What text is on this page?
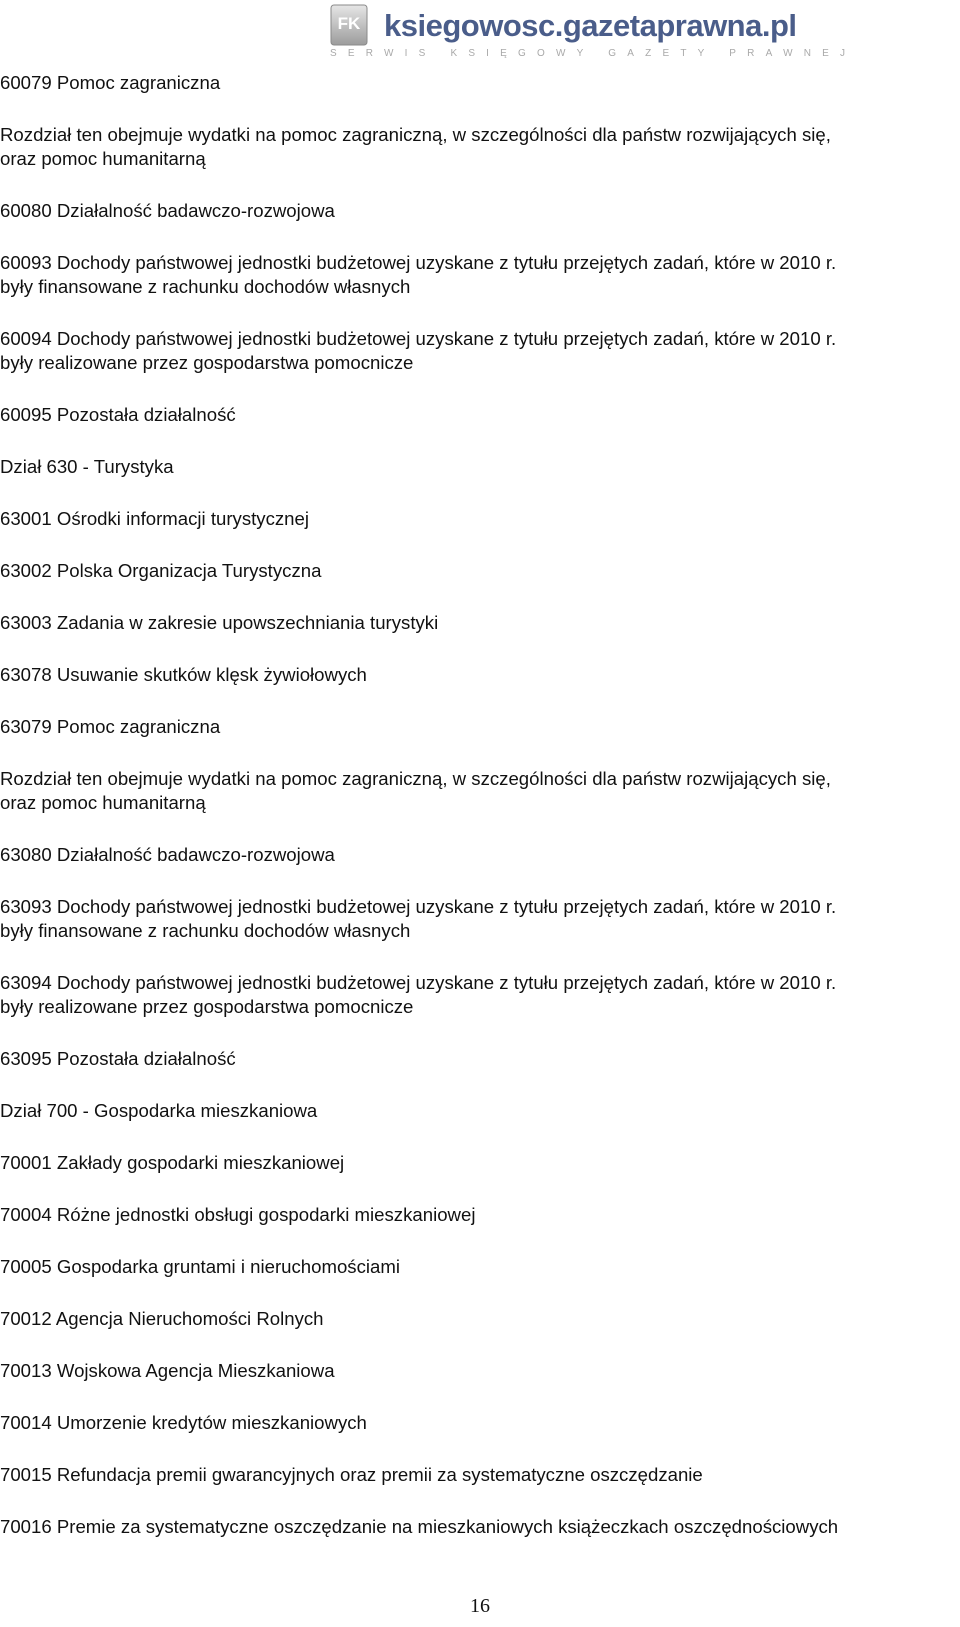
FK ksiegowosc.gazetaprawna.pl
SERWIS KSIĘGOWY GAZETY PRAWNEJ

60079 Pomoc zagraniczna

Rozdział ten obejmuje wydatki na pomoc zagraniczną, w szczególności dla państw rozwijających się,
oraz pomoc humanitarną

60080 Działalność badawczo-rozwojowa

60093 Dochody państwowej jednostki budżetowej uzyskane z tytułu przejętych zadań, które w 2010 r.
były finansowane z rachunku dochodów własnych

60094 Dochody państwowej jednostki budżetowej uzyskane z tytułu przejętych zadań, które w 2010 r.
były realizowane przez gospodarstwa pomocnicze

60095 Pozostała działalność

Dział 630 - Turystyka

63001 Ośrodki informacji turystycznej

63002 Polska Organizacja Turystyczna

63003 Zadania w zakresie upowszechniania turystyki

63078 Usuwanie skutków klęsk żywiołowych

63079 Pomoc zagraniczna

Rozdział ten obejmuje wydatki na pomoc zagraniczną, w szczególności dla państw rozwijających się,
oraz pomoc humanitarną

63080 Działalność badawczo-rozwojowa

63093 Dochody państwowej jednostki budżetowej uzyskane z tytułu przejętych zadań, które w 2010 r.
były finansowane z rachunku dochodów własnych

63094 Dochody państwowej jednostki budżetowej uzyskane z tytułu przejętych zadań, które w 2010 r.
były realizowane przez gospodarstwa pomocnicze

63095 Pozostała działalność

Dział 700 - Gospodarka mieszkaniowa

70001 Zakłady gospodarki mieszkaniowej

70004 Różne jednostki obsługi gospodarki mieszkaniowej

70005 Gospodarka gruntami i nieruchomościami

70012 Agencja Nieruchomości Rolnych

70013 Wojskowa Agencja Mieszkaniowa

70014 Umorzenie kredytów mieszkaniowych

70015 Refundacja premii gwarancyjnych oraz premii za systematyczne oszczędzanie

70016 Premie za systematyczne oszczędzanie na mieszkaniowych książeczkach oszczędnościowych

16
